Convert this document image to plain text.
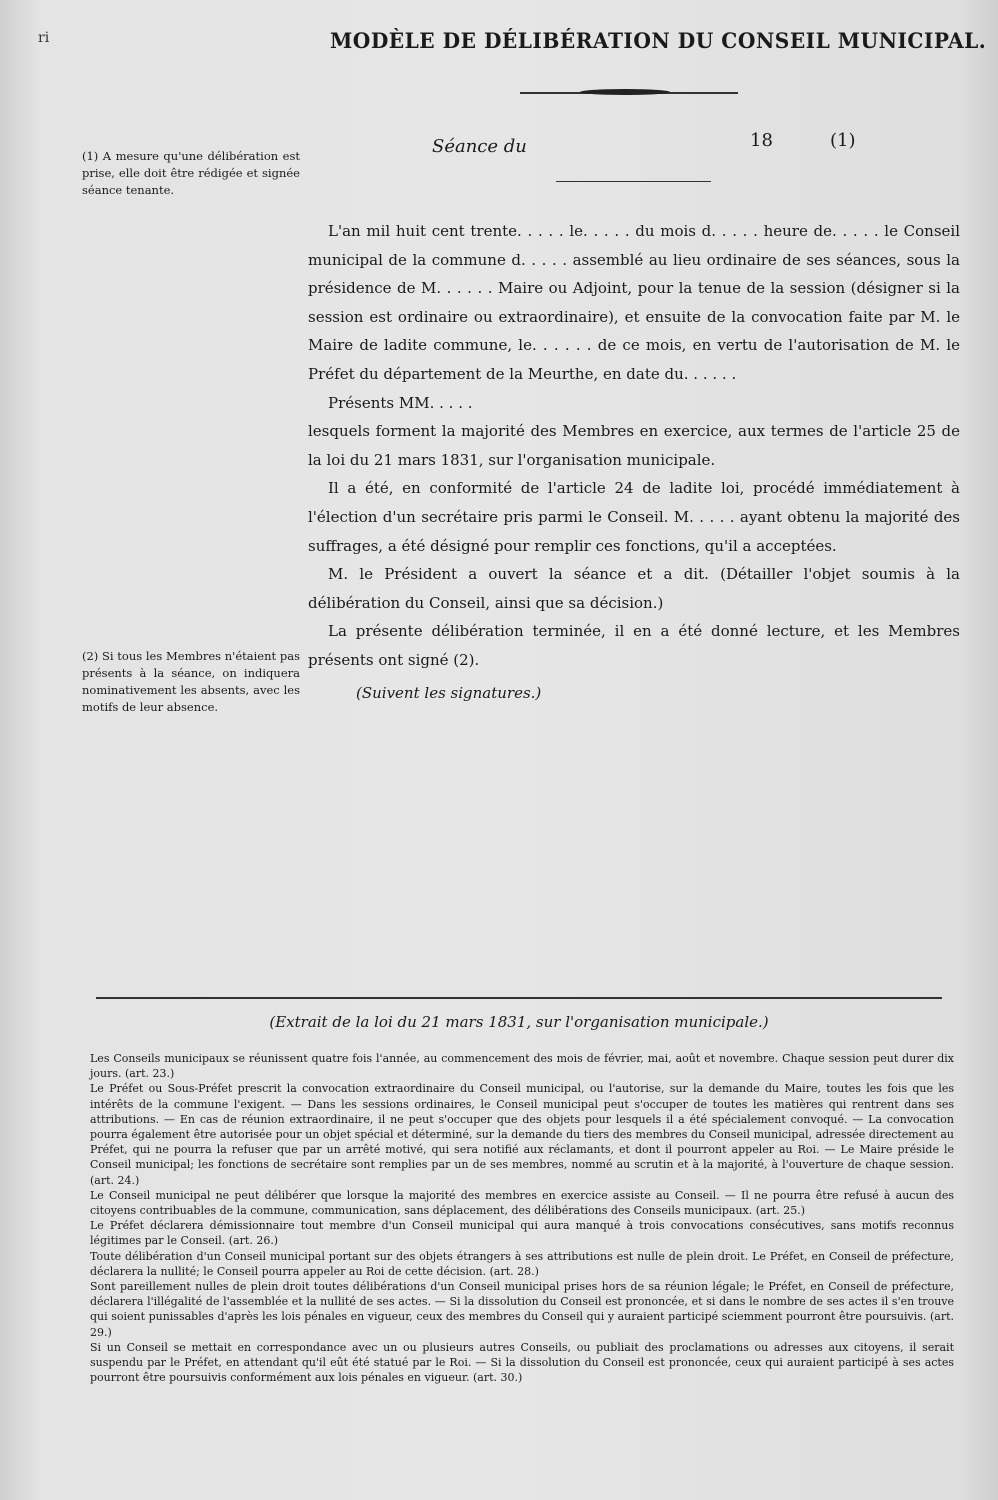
ri	MODÈLE DE DÉLIBÉRATION DU CONSEIL MUNICIPAL.
Séance du	18	(1)
(1) A mesure qu'une délibération est prise, elle doit être rédigée et signée séance tenante.
(2) Si tous les Membres n'étaient pas présents à la séance, on indiquera nominativement les absents, avec les motifs de leur absence.

L'an mil huit cent trente. . . . . le. . . . . du mois d. . . . . heure de. . . . . le Conseil municipal de la commune d. . . . . assemblé au lieu ordinaire de ses séances, sous la présidence de M. . . . . . Maire ou Adjoint, pour la tenue de la session (désigner si la session est ordinaire ou extraordinaire), et ensuite de la convocation faite par M. le Maire de ladite commune, le. . . . . . de ce mois, en vertu de l'autorisation de M. le Préfet du département de la Meurthe, en date du. . . . . .

Présents MM. . . . .

lesquels forment la majorité des Membres en exercice, aux termes de l'article 25 de la loi du 21 mars 1831, sur l'organisation municipale.

Il a été, en conformité de l'article 24 de ladite loi, procédé immédiatement à l'élection d'un secrétaire pris parmi le Conseil. M. . . . . ayant obtenu la majorité des suffrages, a été désigné pour remplir ces fonctions, qu'il a acceptées.

M. le Président a ouvert la séance et a dit. (Détailler l'objet soumis à la délibération du Conseil, ainsi que sa décision.)

La présente délibération terminée, il en a été donné lecture, et les Membres présents ont signé (2).

(Suivent les signatures.)

(Extrait de la loi du 21 mars 1831, sur l'organisation municipale.)

Les Conseils municipaux se réunissent quatre fois l'année, au commencement des mois de février, mai, août et novembre. Chaque session peut durer dix jours. (art. 23.)

Le Préfet ou Sous-Préfet prescrit la convocation extraordinaire du Conseil municipal, ou l'autorise, sur la demande du Maire, toutes les fois que les intérêts de la commune l'exigent. — Dans les sessions ordinaires, le Conseil municipal peut s'occuper de toutes les matières qui rentrent dans ses attributions. — En cas de réunion extraordinaire, il ne peut s'occuper que des objets pour lesquels il a été spécialement convoqué. — La convocation pourra également être autorisée pour un objet spécial et déterminé, sur la demande du tiers des membres du Conseil municipal, adressée directement au Préfet, qui ne pourra la refuser que par un arrêté motivé, qui sera notifié aux réclamants, et dont il pourront appeler au Roi. — Le Maire préside le Conseil municipal; les fonctions de secrétaire sont remplies par un de ses membres, nommé au scrutin et à la majorité, à l'ouverture de chaque session. (art. 24.)

Le Conseil municipal ne peut délibérer que lorsque la majorité des membres en exercice assiste au Conseil. — Il ne pourra être refusé à aucun des citoyens contribuables de la commune, communication, sans déplacement, des délibérations des Conseils municipaux. (art. 25.)

Le Préfet déclarera démissionnaire tout membre d'un Conseil municipal qui aura manqué à trois convocations consécutives, sans motifs reconnus légitimes par le Conseil. (art. 26.)

Toute délibération d'un Conseil municipal portant sur des objets étrangers à ses attributions est nulle de plein droit. Le Préfet, en Conseil de préfecture, déclarera la nullité; le Conseil pourra appeler au Roi de cette décision. (art. 28.)

Sont pareillement nulles de plein droit toutes délibérations d'un Conseil municipal prises hors de sa réunion légale; le Préfet, en Conseil de préfecture, déclarera l'illégalité de l'assemblée et la nullité de ses actes. — Si la dissolution du Conseil est prononcée, et si dans le nombre de ses actes il s'en trouve qui soient punissables d'après les lois pénales en vigueur, ceux des membres du Conseil qui y auraient participé sciemment pourront être poursuivis. (art. 29.)

Si un Conseil se mettait en correspondance avec un ou plusieurs autres Conseils, ou publiait des proclamations ou adresses aux citoyens, il serait suspendu par le Préfet, en attendant qu'il eût été statué par le Roi. — Si la dissolution du Conseil est prononcée, ceux qui auraient participé à ses actes pourront être poursuivis conformément aux lois pénales en vigueur. (art. 30.)
